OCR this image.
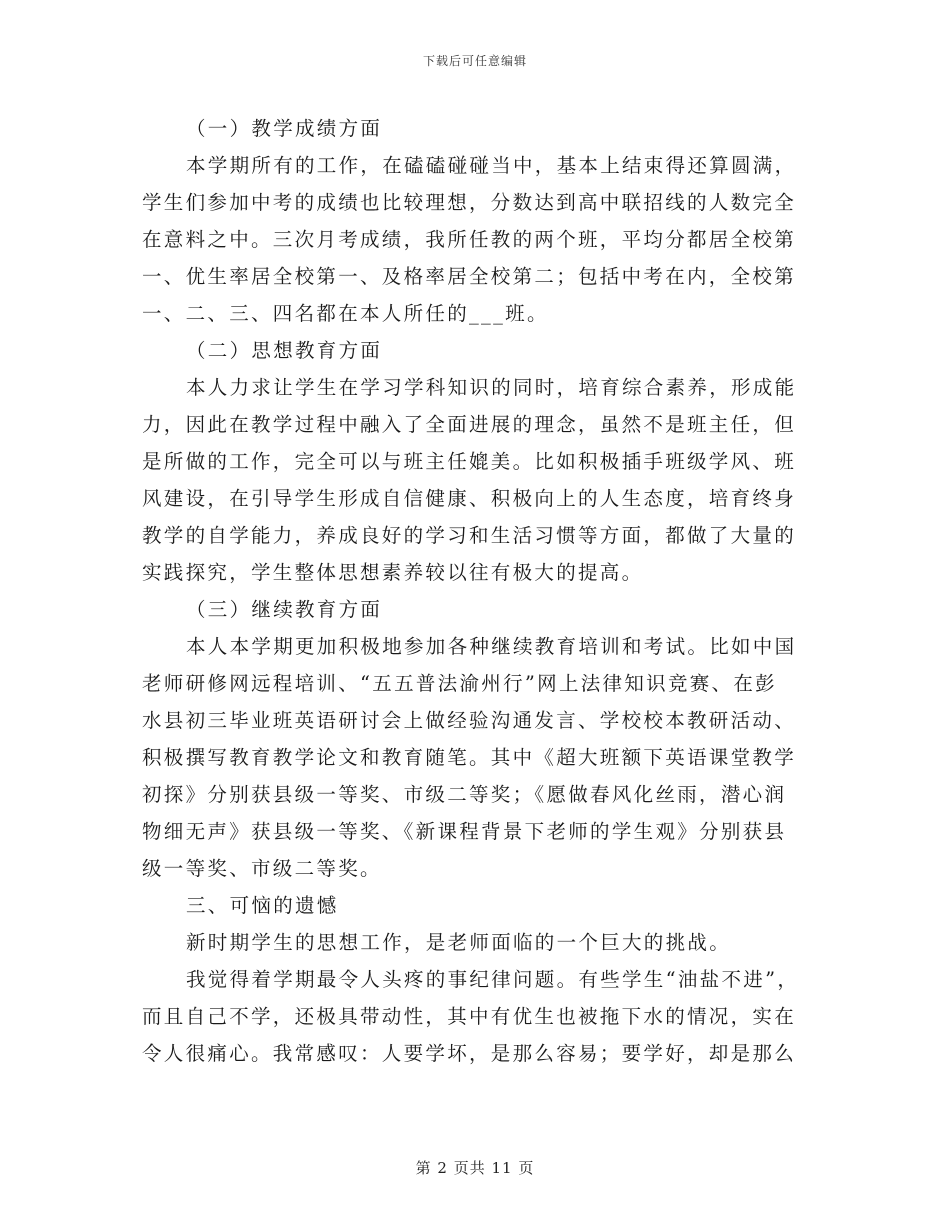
下载后可任意编辑
（一）教学成绩方面
本学期所有的工作，在磕磕碰碰当中，基本上结束得还算圆满，
学生们参加中考的成绩也比较理想，分数达到高中联招线的人数完全
在意料之中。三次月考成绩，我所任教的两个班，平均分都居全校第
一、优生率居全校第一、及格率居全校第二；包括中考在内，全校第
一、二、三、四名都在本人所任的___班。
（二）思想教育方面
本人力求让学生在学习学科知识的同时，培育综合素养，形成能
力，因此在教学过程中融入了全面进展的理念，虽然不是班主任，但
是所做的工作，完全可以与班主任媲美。比如积极插手班级学风、班
风建设，在引导学生形成自信健康、积极向上的人生态度，培育终身
教学的自学能力，养成良好的学习和生活习惯等方面，都做了大量的
实践探究，学生整体思想素养较以往有极大的提高。
（三）继续教育方面
本人本学期更加积极地参加各种继续教育培训和考试。比如中国
老师研修网远程培训、“五五普法渝州行”网上法律知识竞赛、在彭
水县初三毕业班英语研讨会上做经验沟通发言、学校校本教研活动、
积极撰写教育教学论文和教育随笔。其中《超大班额下英语课堂教学
初探》分别获县级一等奖、市级二等奖；《愿做春风化丝雨，潜心润
物细无声》获县级一等奖、《新课程背景下老师的学生观》分别获县
级一等奖、市级二等奖。
三、可恼的遗憾
新时期学生的思想工作，是老师面临的一个巨大的挑战。
我觉得着学期最令人头疼的事纪律问题。有些学生“油盐不进”，
而且自己不学，还极具带动性，其中有优生也被拖下水的情况，实在
令人很痛心。我常感叹：人要学坏，是那么容易；要学好，却是那么
第 2 页共 11 页
